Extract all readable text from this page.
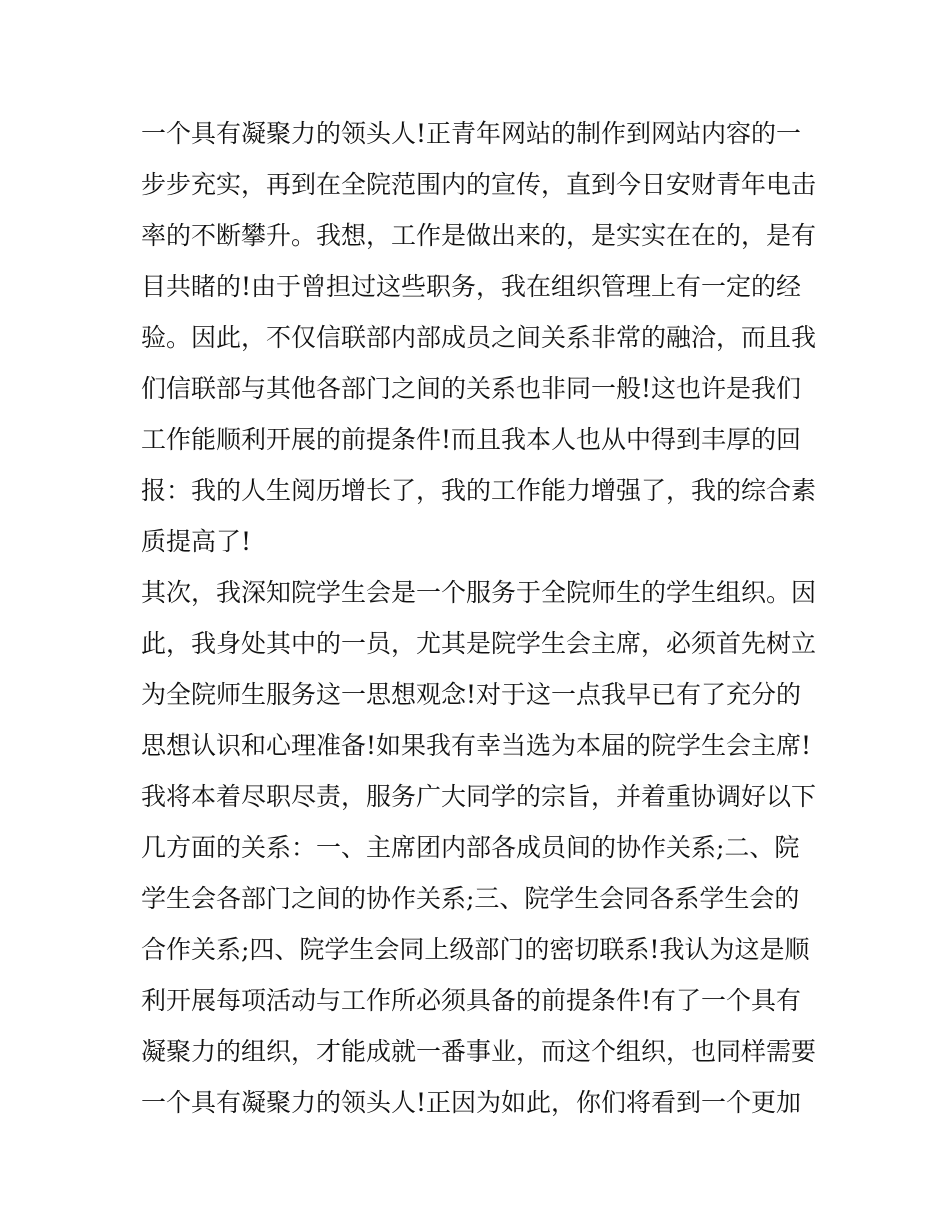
一个具有凝聚力的领头人!正青年网站的制作到网站内容的一
步步充实，再到在全院范围内的宣传，直到今日安财青年电击
率的不断攀升。我想，工作是做出来的，是实实在在的，是有
目共睹的!由于曾担过这些职务，我在组织管理上有一定的经
验。因此，不仅信联部内部成员之间关系非常的融洽，而且我
们信联部与其他各部门之间的关系也非同一般!这也许是我们
工作能顺利开展的前提条件!而且我本人也从中得到丰厚的回
报：我的人生阅历增长了，我的工作能力增强了，我的综合素
质提高了!
其次，我深知院学生会是一个服务于全院师生的学生组织。因
此，我身处其中的一员，尤其是院学生会主席，必须首先树立
为全院师生服务这一思想观念!对于这一点我早已有了充分的
思想认识和心理准备!如果我有幸当选为本届的院学生会主席!
我将本着尽职尽责，服务广大同学的宗旨，并着重协调好以下
几方面的关系：一、主席团内部各成员间的协作关系;二、院
学生会各部门之间的协作关系;三、院学生会同各系学生会的
合作关系;四、院学生会同上级部门的密切联系!我认为这是顺
利开展每项活动与工作所必须具备的前提条件!有了一个具有
凝聚力的组织，才能成就一番事业，而这个组织，也同样需要
一个具有凝聚力的领头人!正因为如此，你们将看到一个更加
